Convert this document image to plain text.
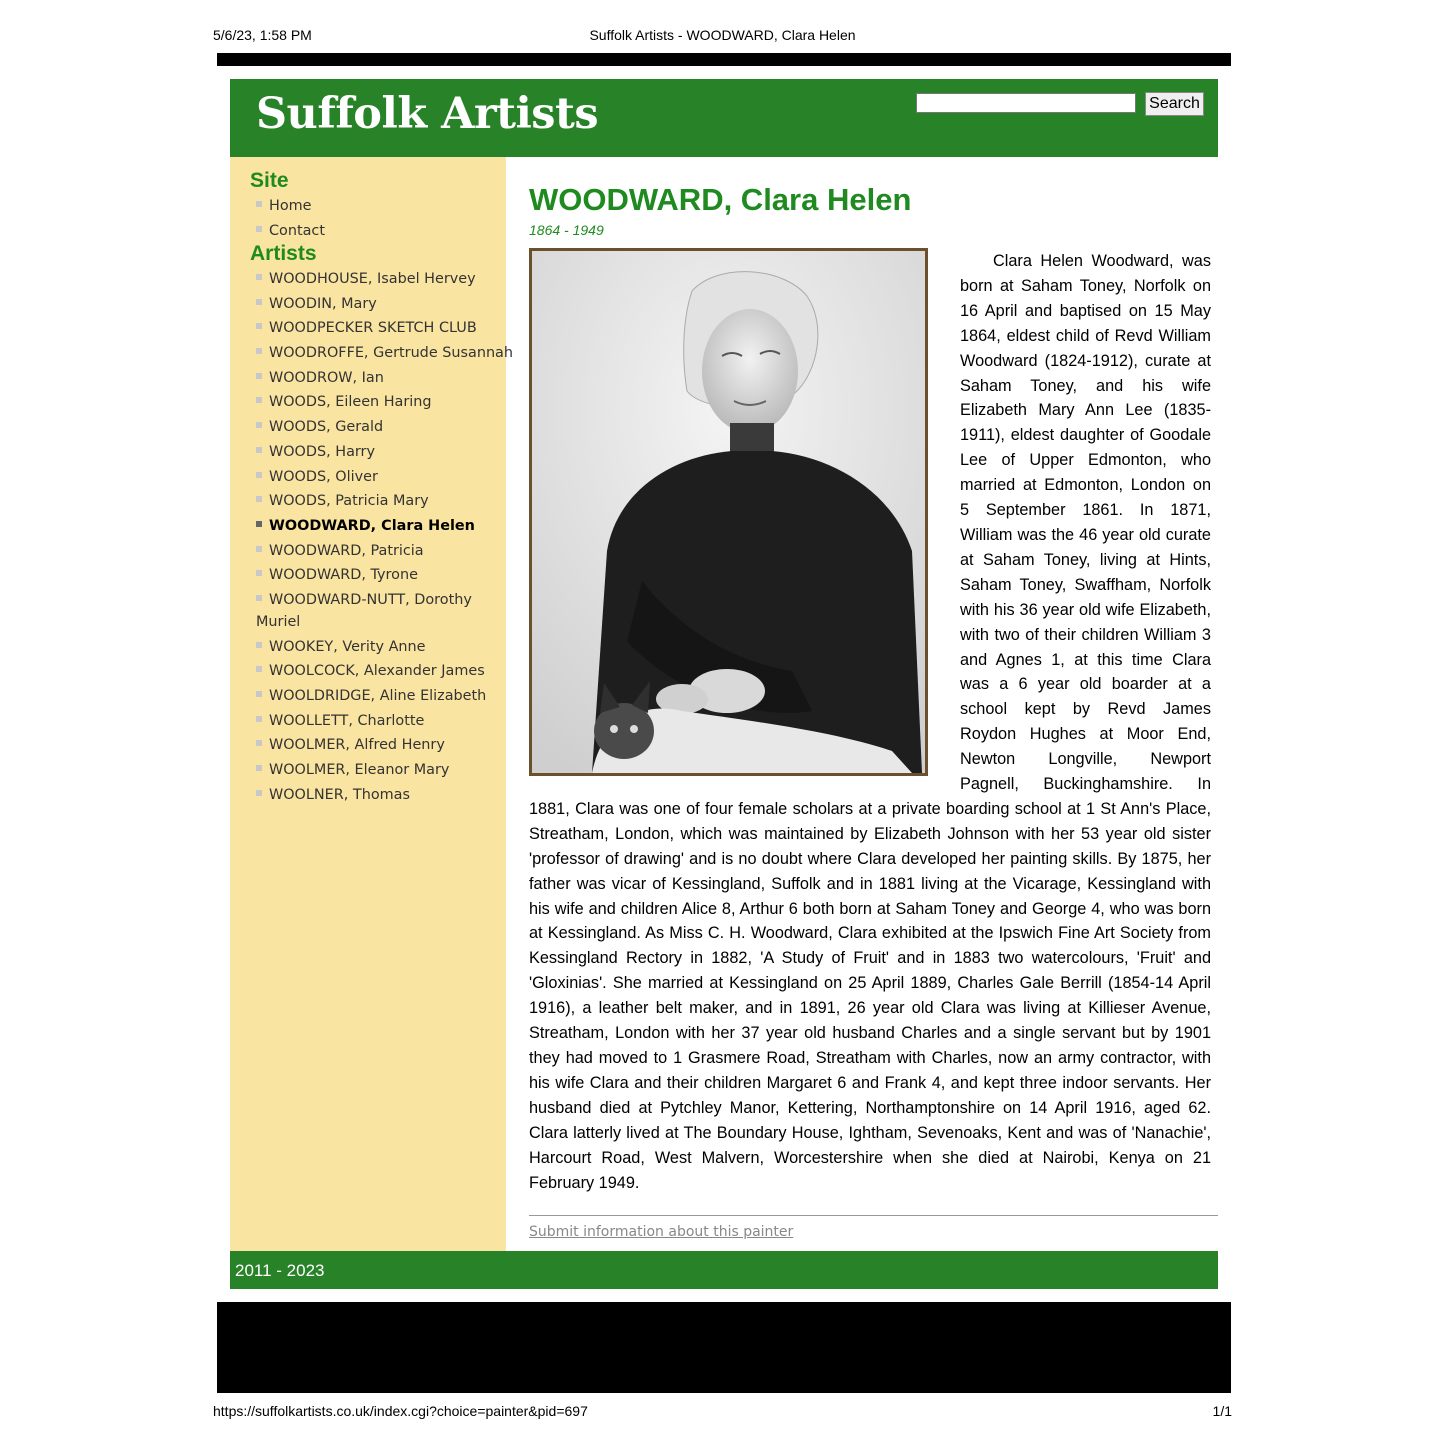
5/6/23, 1:58 PM	Suffolk Artists - WOODWARD, Clara Helen
Suffolk Artists	Search
Site
Home
Contact
Artists
WOODHOUSE, Isabel Hervey
WOODIN, Mary
WOODPECKER SKETCH CLUB
WOODROFFE, Gertrude Susannah
WOODROW, Ian
WOODS, Eileen Haring
WOODS, Gerald
WOODS, Harry
WOODS, Oliver
WOODS, Patricia Mary
WOODWARD, Clara Helen
WOODWARD, Patricia
WOODWARD, Tyrone
WOODWARD-NUTT, Dorothy Muriel
WOOKEY, Verity Anne
WOOLCOCK, Alexander James
WOOLDRIDGE, Aline Elizabeth
WOOLLETT, Charlotte
WOOLMER, Alfred Henry
WOOLMER, Eleanor Mary
WOOLNER, Thomas
WOODWARD, Clara Helen
1864 - 1949

Clara Helen Woodward, was born at Saham Toney, Norfolk on 16 April and baptised on 15 May 1864, eldest child of Revd William Woodward (1824-1912), curate at Saham Toney, and his wife Elizabeth Mary Ann Lee (1835-1911), eldest daughter of Goodale Lee of Upper Edmonton, who married at Edmonton, London on 5 September 1861. In 1871, William was the 46 year old curate at Saham Toney, living at Hints, Saham Toney, Swaffham, Norfolk with his 36 year old wife Elizabeth, with two of their children William 3 and Agnes 1, at this time Clara was a 6 year old boarder at a school kept by Revd James Roydon Hughes at Moor End, Newton Longville, Newport Pagnell, Buckinghamshire. In 1881, Clara was one of four female scholars at a private boarding school at 1 St Ann's Place, Streatham, London, which was maintained by Elizabeth Johnson with her 53 year old sister 'professor of drawing' and is no doubt where Clara developed her painting skills. By 1875, her father was vicar of Kessingland, Suffolk and in 1881 living at the Vicarage, Kessingland with his wife and children Alice 8, Arthur 6 both born at Saham Toney and George 4, who was born at Kessingland. As Miss C. H. Woodward, Clara exhibited at the Ipswich Fine Art Society from Kessingland Rectory in 1882, 'A Study of Fruit' and in 1883 two watercolours, 'Fruit' and 'Gloxinias'. She married at Kessingland on 25 April 1889, Charles Gale Berrill (1854-14 April 1916), a leather belt maker, and in 1891, 26 year old Clara was living at Killieser Avenue, Streatham, London with her 37 year old husband Charles and a single servant but by 1901 they had moved to 1 Grasmere Road, Streatham with Charles, now an army contractor, with his wife Clara and their children Margaret 6 and Frank 4, and kept three indoor servants. Her husband died at Pytchley Manor, Kettering, Northamptonshire on 14 April 1916, aged 62. Clara latterly lived at The Boundary House, Ightham, Sevenoaks, Kent and was of 'Nanachie', Harcourt Road, West Malvern, Worcestershire when she died at Nairobi, Kenya on 21 February 1949.

Submit information about this painter
2011 - 2023
https://suffolkartists.co.uk/index.cgi?choice=painter&pid=697	1/1
